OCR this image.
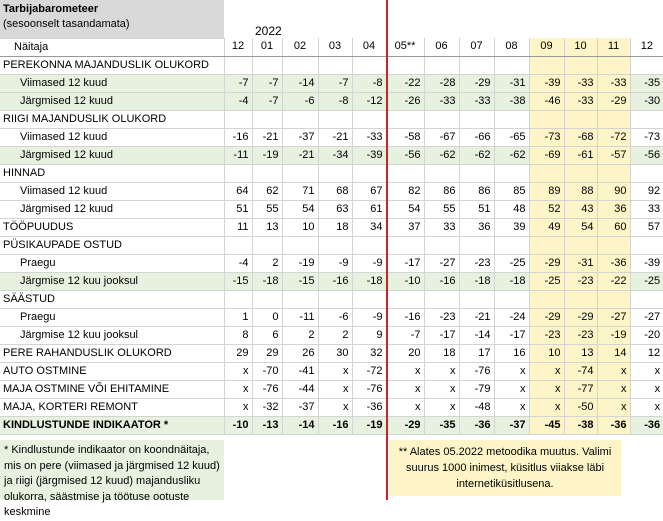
Tarbijabarometeer
(sesoonselt tasandamata)		2022											
Näitaja	12	01	02	03	04	05**	06	07	08	09	10	11	12
PEREKONNA MAJANDUSLIK OLUKORD													
Viimased 12 kuud	-7	-7	-14	-7	-8	-22	-28	-29	-31	-39	-33	-33	-35
Järgmised 12 kuud	-4	-7	-6	-8	-12	-26	-33	-33	-38	-46	-33	-29	-30
RIIGI MAJANDUSLIK OLUKORD													
Viimased 12 kuud	-16	-21	-37	-21	-33	-58	-67	-66	-65	-73	-68	-72	-73
Järgmised 12 kuud	-11	-19	-21	-34	-39	-56	-62	-62	-62	-69	-61	-57	-56
HINNAD													
Viimased 12 kuud	64	62	71	68	67	82	86	86	85	89	88	90	92
Järgmised 12 kuud	51	55	54	63	61	54	55	51	48	52	43	36	33
TÖÖPUUDUS	11	13	10	18	34	37	33	36	39	49	54	60	57
PÜSIKAUPADE OSTUD													
Praegu	-4	2	-19	-9	-9	-17	-27	-23	-25	-29	-31	-36	-39
Järgmise 12 kuu jooksul	-15	-18	-15	-16	-18	-10	-16	-18	-18	-25	-23	-22	-25
SÄÄSTUD													
Praegu	1	0	-11	-6	-9	-16	-23	-21	-24	-29	-29	-27	-27
Järgmise 12 kuu jooksul	8	6	2	2	9	-7	-17	-14	-17	-23	-23	-19	-20
PERE RAHANDUSLIK OLUKORD	29	29	26	30	32	20	18	17	16	10	13	14	12
AUTO OSTMINE	x	-70	-41	x	-72	x	x	-76	x	x	-74	x	x
MAJA OSTMINE VÕI EHITAMINE	x	-76	-44	x	-76	x	x	-79	x	x	-77	x	x
MAJA, KORTERI REMONT	x	-32	-37	x	-36	x	x	-48	x	x	-50	x	x
KINDLUSTUNDE INDIKAATOR *	-10	-13	-14	-16	-19	-29	-35	-36	-37	-45	-38	-36	-36
* Kindlustunde indikaator on koondnäitaja, mis on pere (viimased ja järgmised 12 kuud) ja riigi (järgmised 12 kuud) majandusliku olukorra, säästmise ja töötuse ootuste keskmine
** Alates 05.2022 metoodika muutus. Valimi suurus 1000 inimest, küsitlus viiakse läbi internetiküsitlusena.
